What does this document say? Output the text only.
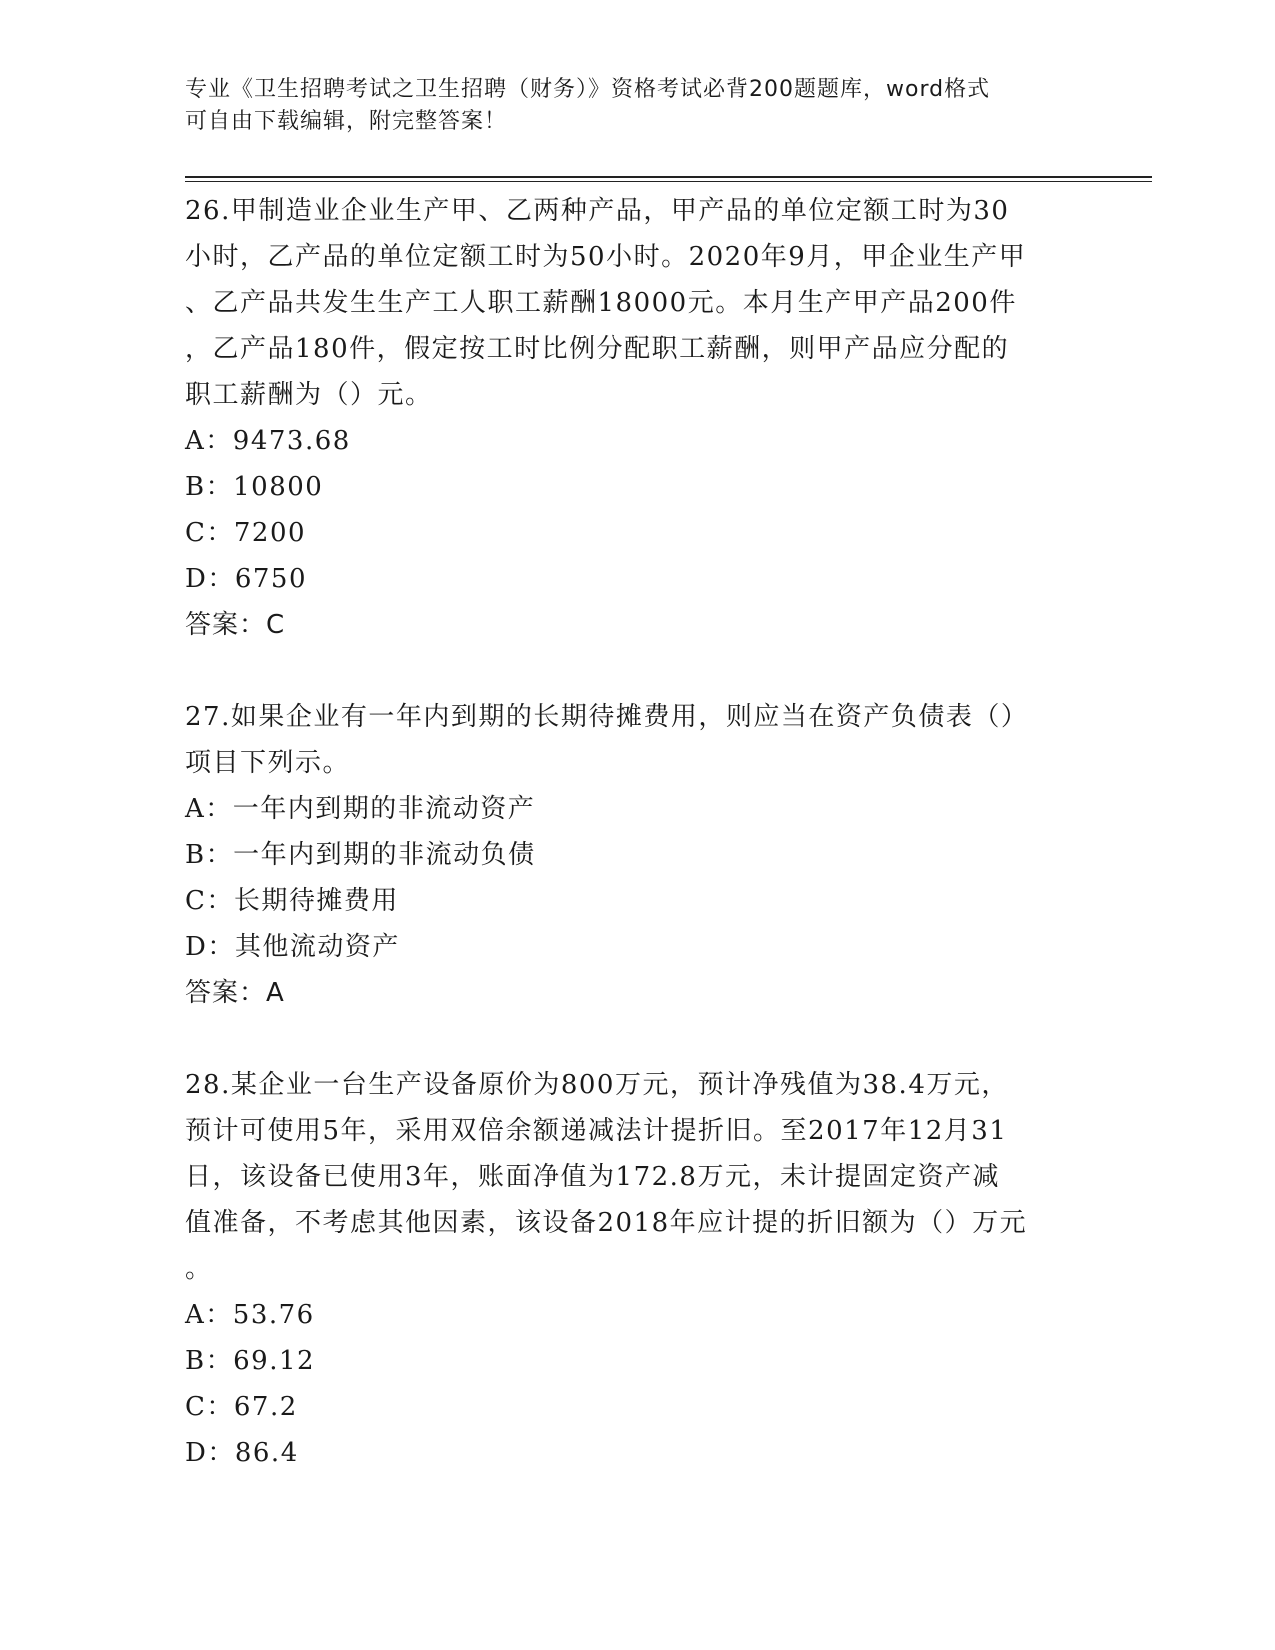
专业《卫生招聘考试之卫生招聘（财务）》资格考试必背200题题库，word格式
可自由下载编辑，附完整答案！
26.甲制造业企业生产甲、乙两种产品，甲产品的单位定额工时为30
小时，乙产品的单位定额工时为50小时。2020年9月，甲企业生产甲
、乙产品共发生生产工人职工薪酬18000元。本月生产甲产品200件
，乙产品180件，假定按工时比例分配职工薪酬，则甲产品应分配的
职工薪酬为（）元。
A：9473.68
B：10800
C：7200
D：6750
答案：C
27.如果企业有一年内到期的长期待摊费用，则应当在资产负债表（）
项目下列示。
A：一年内到期的非流动资产
B：一年内到期的非流动负债
C：长期待摊费用
D：其他流动资产
答案：A
28.某企业一台生产设备原价为800万元，预计净残值为38.4万元，
预计可使用5年，采用双倍余额递减法计提折旧。至2017年12月31
日，该设备已使用3年，账面净值为172.8万元，未计提固定资产减
值准备，不考虑其他因素，该设备2018年应计提的折旧额为（）万元
。
A：53.76
B：69.12
C：67.2
D：86.4
